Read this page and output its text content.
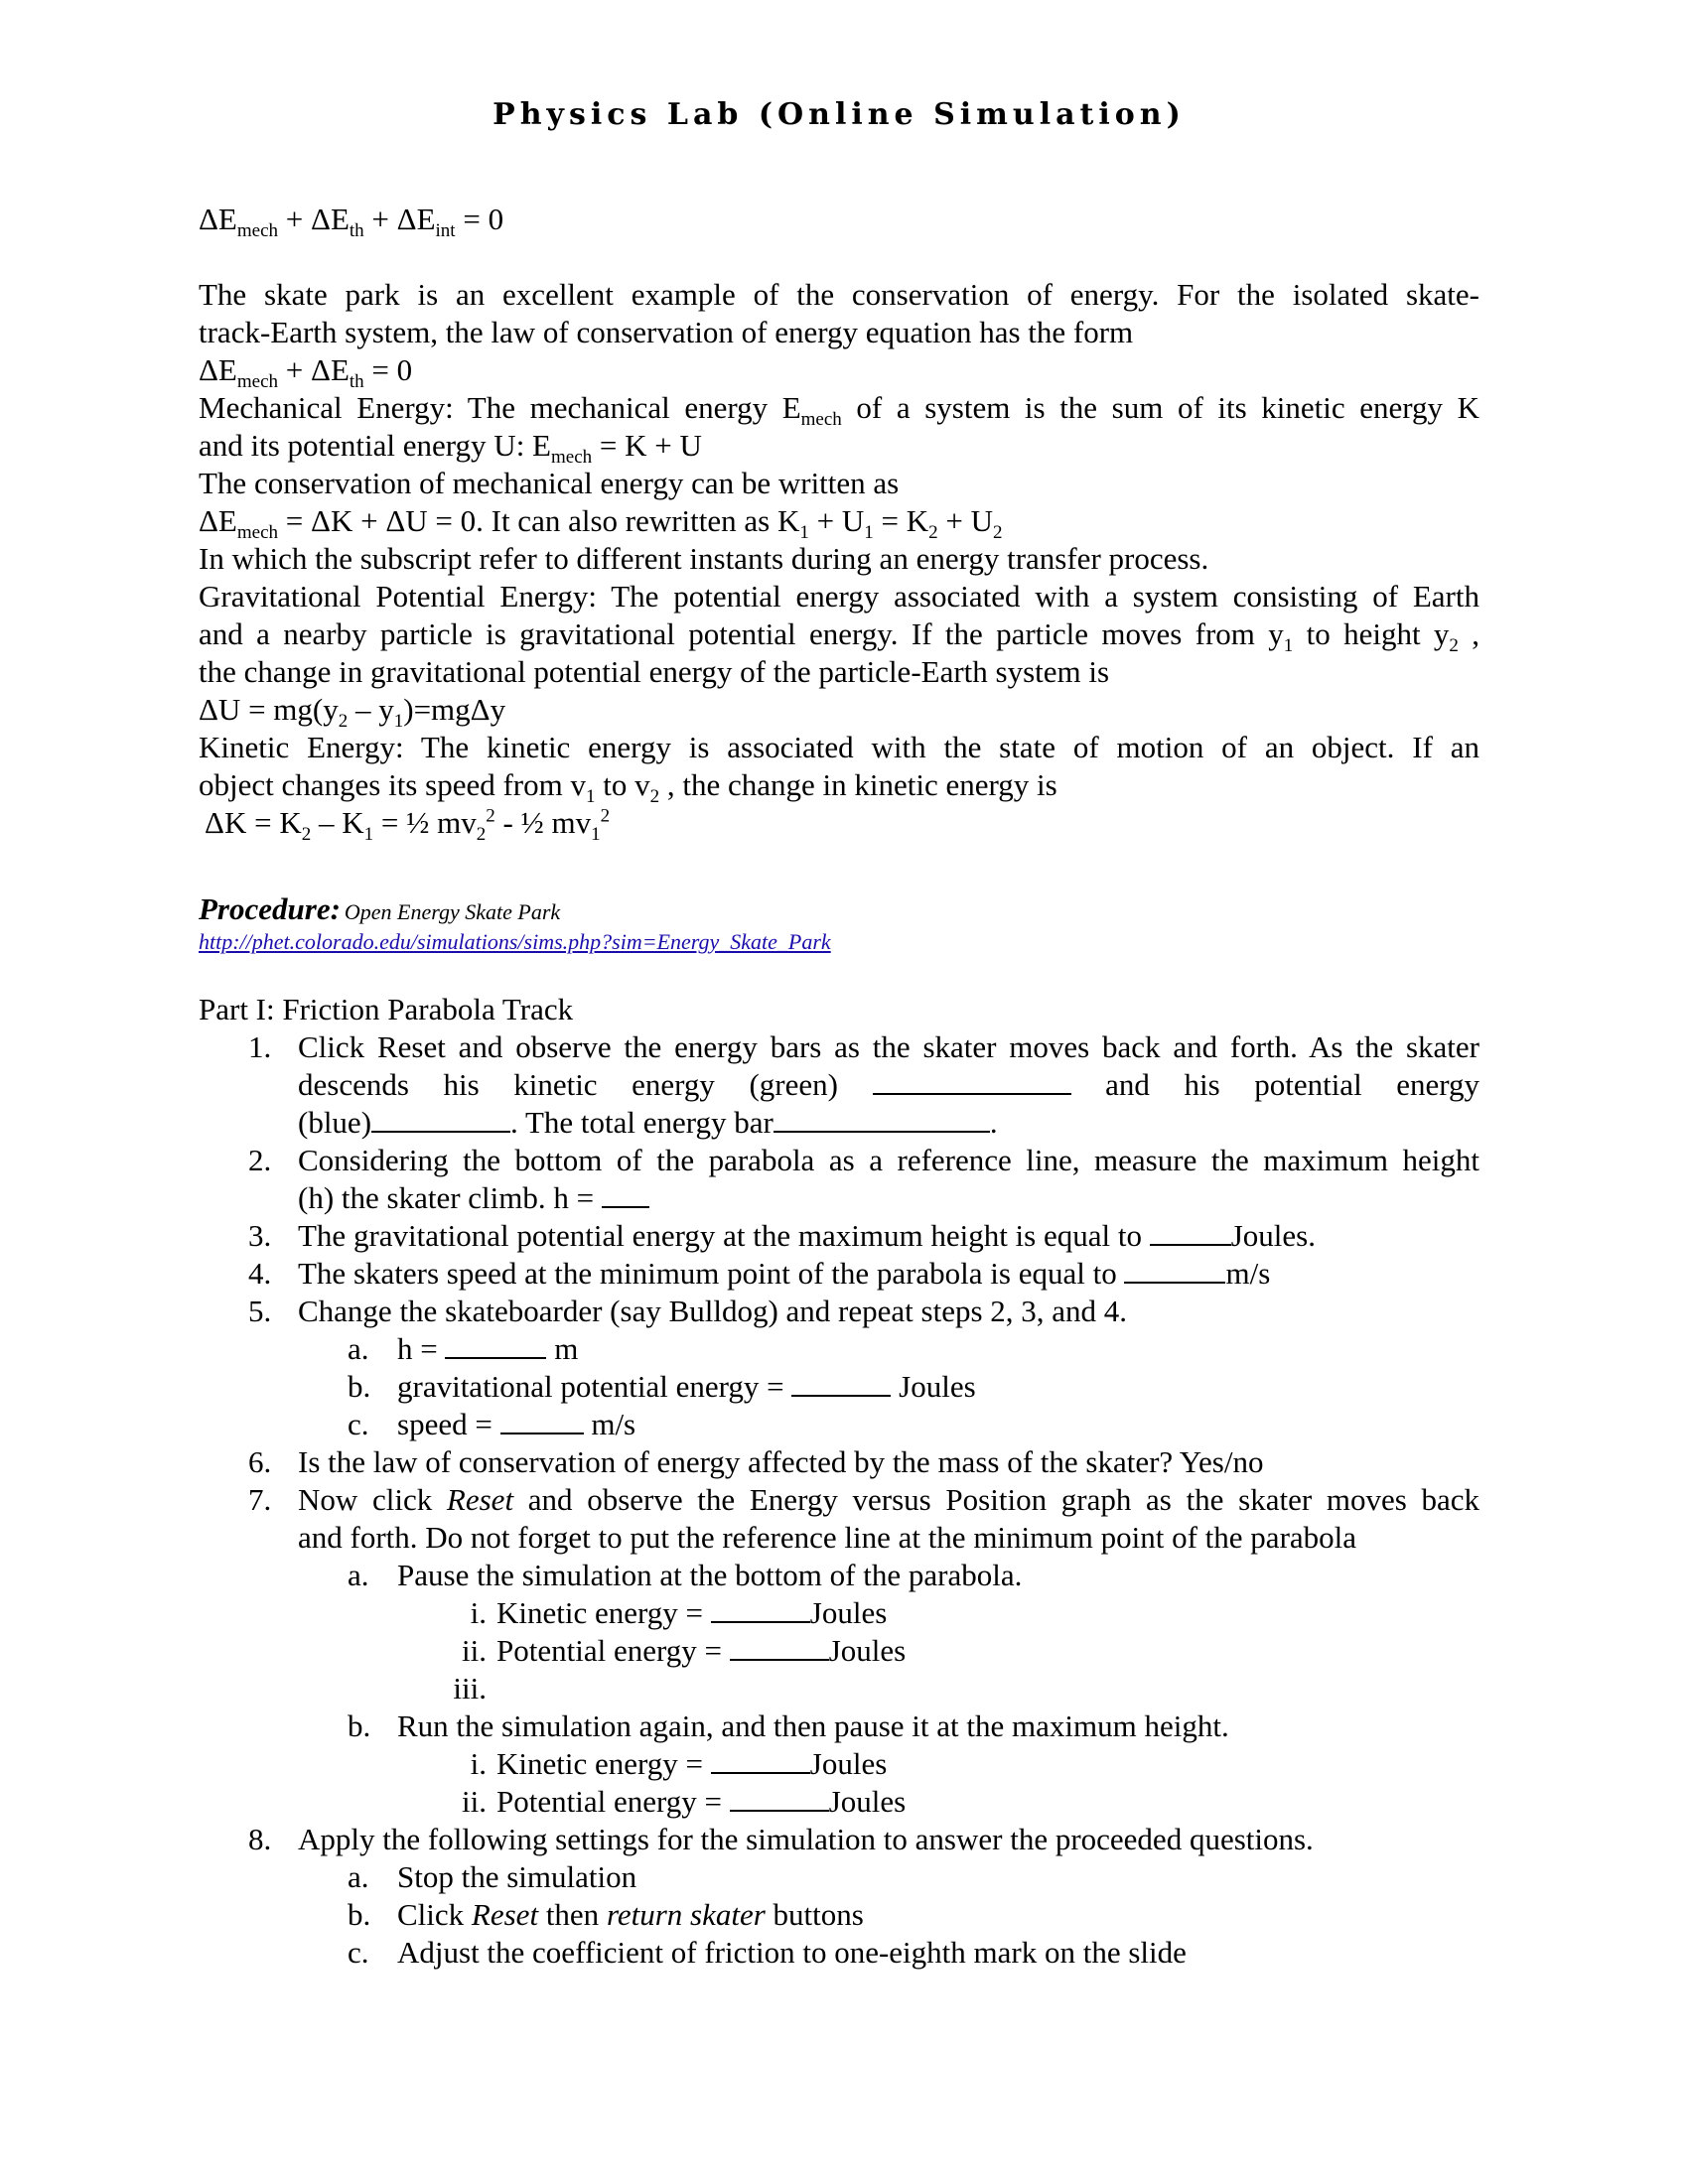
Physics Lab (Online Simulation)
$\Delta E_{mech} + \Delta E_{th} + \Delta E_{int} = 0$
The skate park is an excellent example of the conservation of energy. For the isolated skate-
track-Earth system, the law of conservation of energy equation has the form
$\Delta E_{mech} + \Delta E_{th} = 0$
Mechanical Energy: The mechanical energy $E_{mech}$ of a system is the sum of its kinetic energy K
and its potential energy U: $E_{mech} = K + U$
The conservation of mechanical energy can be written as
$\Delta E_{mech} = \Delta K + \Delta U = 0$. It can also rewritten as $K_1 + U_1 = K_2 + U_2$
In which the subscript refer to different instants during an energy transfer process.
Gravitational Potential Energy: The potential energy associated with a system consisting of Earth
and a nearby particle is gravitational potential energy. If the particle moves from $y_1$ to height $y_2$ ,
the change in gravitational potential energy of the particle-Earth system is
$\Delta U = mg(y_2 - y_1)=mg\Delta y$
Kinetic Energy: The kinetic energy is associated with the state of motion of an object. If an
object changes its speed from $v_1$ to $v_2$ , the change in kinetic energy is
$\Delta K = K_2 - K_1$ = ½ $mv_2^2$ - ½ $mv_1^2$
Procedure: Open Energy Skate Park
http://phet.colorado.edu/simulations/sims.php?sim=Energy_Skate_Park
Part I: Friction Parabola Track
1. Click Reset and observe the energy bars as the skater moves back and forth. As the skater
descends his kinetic energy (green)	and his potential energy
(blue)	. The total energy bar	.
2. Considering the bottom of the parabola as a reference line, measure the maximum height
(h) the skater climb. h =
3. The gravitational potential energy at the maximum height is equal to	Joules.
4. The skaters speed at the minimum point of the parabola is equal to	m/s
5. Change the skateboarder (say Bulldog) and repeat steps 2, 3, and 4.
a. h =	m
b. gravitational potential energy =	Joules
c. speed =	m/s
6. Is the law of conservation of energy affected by the mass of the skater? Yes/no
7. Now click Reset and observe the Energy versus Position graph as the skater moves back
and forth. Do not forget to put the reference line at the minimum point of the parabola
a. Pause the simulation at the bottom of the parabola.
i. Kinetic energy =	Joules
ii. Potential energy =	Joules
iii.

b. Run the simulation again, and then pause it at the maximum height.
i. Kinetic energy =	Joules
ii. Potential energy =	Joules
8. Apply the following settings for the simulation to answer the proceeded questions.
a. Stop the simulation
b. Click Reset then return skater buttons
c. Adjust the coefficient of friction to one-eighth mark on the slide
